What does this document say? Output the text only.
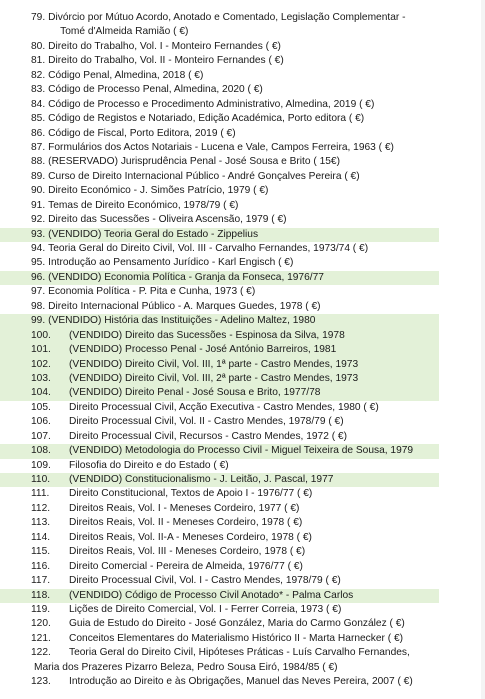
79. Divórcio por Mútuo Acordo, Anotado e Comentado, Legislação Complementar -
Tomé d'Almeida Ramião ( €)
80. Direito do Trabalho, Vol. I - Monteiro Fernandes ( €)
81. Direito do Trabalho, Vol. II - Monteiro Fernandes ( €)
82. Código Penal, Almedina, 2018 ( €)
83. Código de Processo Penal, Almedina, 2020 ( €)
84. Código de Processo e Procedimento Administrativo, Almedina, 2019 ( €)
85. Código de Registos e Notariado, Edição Académica, Porto editora ( €)
86. Código de Fiscal, Porto Editora, 2019 ( €)
87. Formulários dos Actos Notariais - Lucena e Vale, Campos Ferreira, 1963 ( €)
88. (RESERVADO) Jurisprudência Penal - José Sousa e Brito ( 15€)
89. Curso de Direito Internacional Público - André Gonçalves Pereira ( €)
90. Direito Económico - J. Simões Patrício, 1979 ( €)
91. Temas de Direito Económico, 1978/79 ( €)
92. Direito das Sucessões - Oliveira Ascensão, 1979 ( €)
93. (VENDIDO) Teoria Geral do Estado - Zippelius
94. Teoria Geral do Direito Civil, Vol. III - Carvalho Fernandes, 1973/74 ( €)
95. Introdução ao Pensamento Jurídico - Karl Engisch ( €)
96. (VENDIDO) Economia Política - Granja da Fonseca, 1976/77
97. Economia Política - P. Pita e Cunha, 1973 ( €)
98. Direito Internacional Público - A. Marques Guedes, 1978 ( €)
99. (VENDIDO) História das Instituições - Adelino Maltez, 1980
100.	(VENDIDO) Direito das Sucessões - Espinosa da Silva, 1978
101.	(VENDIDO) Processo Penal - José António Barreiros, 1981
102.	(VENDIDO) Direito Civil, Vol. III, 1ª parte - Castro Mendes, 1973
103.	(VENDIDO) Direito Civil, Vol. III, 2ª parte - Castro Mendes, 1973
104.	(VENDIDO) Direito Penal - José Sousa e Brito, 1977/78
105.	Direito Processual Civil, Acção Executiva - Castro Mendes, 1980 ( €)
106.	Direito Processual Civil, Vol. II - Castro Mendes, 1978/79 ( €)
107.	Direito Processual Civil, Recursos - Castro Mendes, 1972 ( €)
108.	(VENDIDO) Metodologia do Processo Civil - Miguel Teixeira de Sousa, 1979
109.	Filosofia do Direito e do Estado ( €)
110.	(VENDIDO) Constitucionalismo - J. Leitão, J. Pascal, 1977
111.	Direito Constitucional, Textos de Apoio I - 1976/77 ( €)
112.	Direitos Reais, Vol. I - Meneses Cordeiro, 1977 ( €)
113.	Direitos Reais, Vol. II - Meneses Cordeiro, 1978 ( €)
114.	Direitos Reais, Vol. II-A - Meneses Cordeiro, 1978 ( €)
115.	Direitos Reais, Vol. III - Meneses Cordeiro, 1978 ( €)
116.	Direito Comercial - Pereira de Almeida, 1976/77 ( €)
117.	Direito Processual Civil, Vol. I - Castro Mendes, 1978/79 ( €)
118.	(VENDIDO) Código de Processo Civil Anotado* - Palma Carlos
119.	Lições de Direito Comercial, Vol. I - Ferrer Correia, 1973 ( €)
120.	Guia de Estudo do Direito - José González, Maria do Carmo González ( €)
121.	Conceitos Elementares do Materialismo Histórico II - Marta Harnecker ( €)
122.	Teoria Geral do Direito Civil, Hipóteses Práticas - Luís Carvalho Fernandes,
Maria dos Prazeres Pizarro Beleza, Pedro Sousa Eiró, 1984/85 ( €)
123.	Introdução ao Direito e às Obrigações, Manuel das Neves Pereira, 2007 ( €)
